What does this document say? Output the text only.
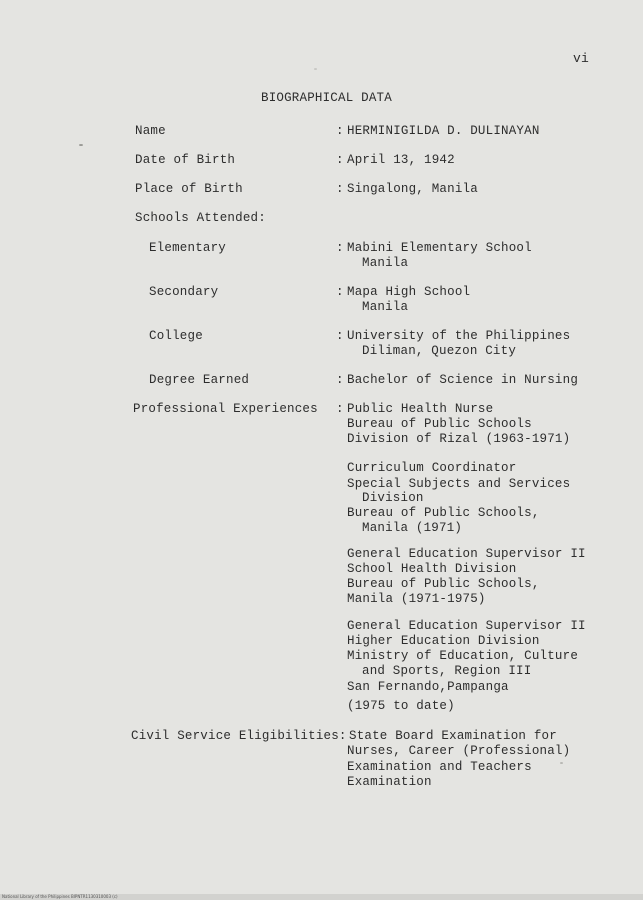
vi
BIOGRAPHICAL DATA
Name	: HERMINIGILDA D. DULINAYAN
Date of Birth	: April 13, 1942
Place of Birth	: Singalong, Manila
Schools Attended:
Elementary	: Mabini Elementary School
Manila
Secondary	: Mapa High School
Manila
College	: University of the Philippines
Diliman, Quezon City
Degree Earned	: Bachelor of Science in Nursing
Professional Experiences : Public Health Nurse
Bureau of Public Schools
Division of Rizal (1963-1971)
Curriculum Coordinator
Special Subjects and Services
Division
Bureau of Public Schools,
Manila (1971)
General Education Supervisor II
School Health Division
Bureau of Public Schools,
Manila (1971-1975)
General Education Supervisor II
Higher Education Division
Ministry of Education, Culture
and Sports, Region III
San Fernando,Pampanga
(1975 to date)
Civil Service Eligibilities: State Board Examination for
Nurses, Career (Professional)
Examination and Teachers
Examination
National Library of the Philippines BIPNTR1130310003 (c)
